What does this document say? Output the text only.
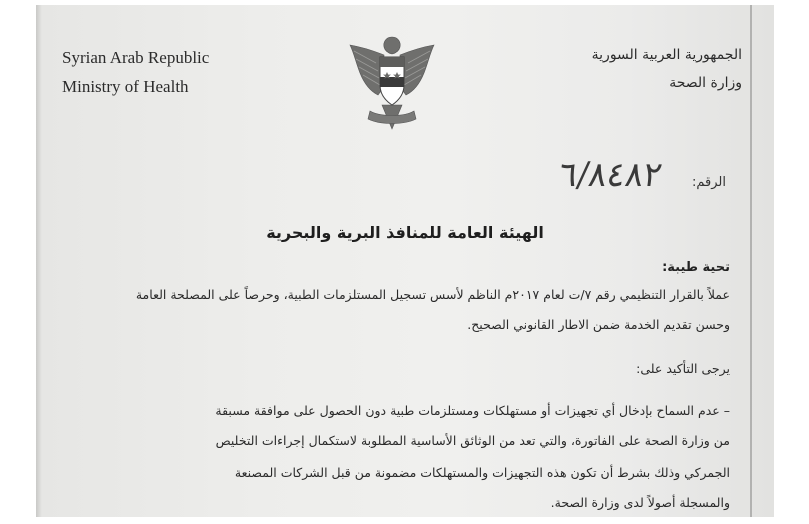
Syrian Arab Republic
Ministry of Health
الجمهورية العربية السورية
وزارة الصحة
الرقم:
٦/٨٤٨٢
الهيئة العامة للمنافذ البرية والبحرية
تحية طيبة:
عملاً بالقرار التنظيمي رقم ٧/ت لعام ٢٠١٧م الناظم لأسس تسجيل المستلزمات الطبية، وحرصاً على المصلحة العامة
وحسن تقديم الخدمة ضمن الاطار القانوني الصحيح.
يرجى التأكيد على:
– عدم السماح بإدخال أي تجهيزات أو مستهلكات ومستلزمات طبية دون الحصول على موافقة مسبقة
من وزارة الصحة على الفاتورة، والتي تعد من الوثائق الأساسية المطلوبة لاستكمال إجراءات التخليص
الجمركي وذلك بشرط أن تكون هذه التجهيزات والمستهلكات مضمونة من قبل الشركات المصنعة
والمسجلة أصولاً لدى وزارة الصحة.
